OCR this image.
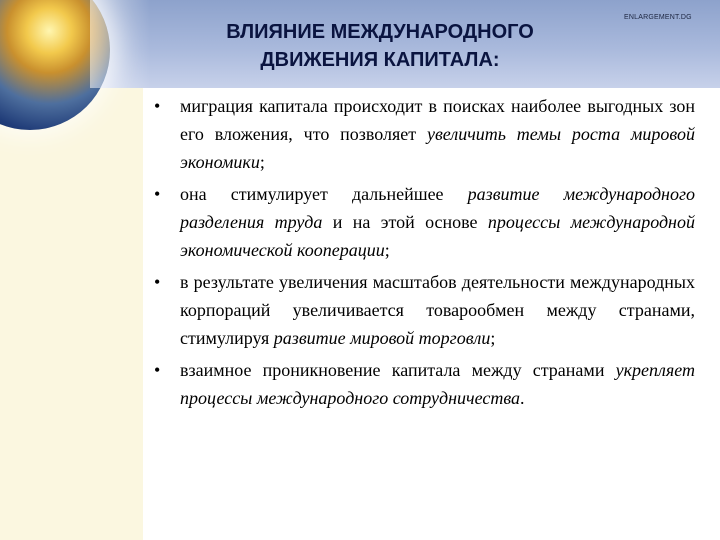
ВЛИЯНИЕ МЕЖДУНАРОДНОГО
ДВИЖЕНИЯ КАПИТАЛА:
ENLARGEMENT.DG
• миграция капитала происходит в поисках наиболее выгодных зон его вложения, что позволяет увеличить темы роста мировой экономики;
• она стимулирует дальнейшее развитие международного разделения труда и на этой основе процессы международной экономической кооперации;
• в результате увеличения масштабов деятельности международных корпораций увеличивается товарообмен между странами, стимулируя развитие мировой торговли;
• взаимное проникновение капитала между странами укрепляет процессы международного сотрудничества.
